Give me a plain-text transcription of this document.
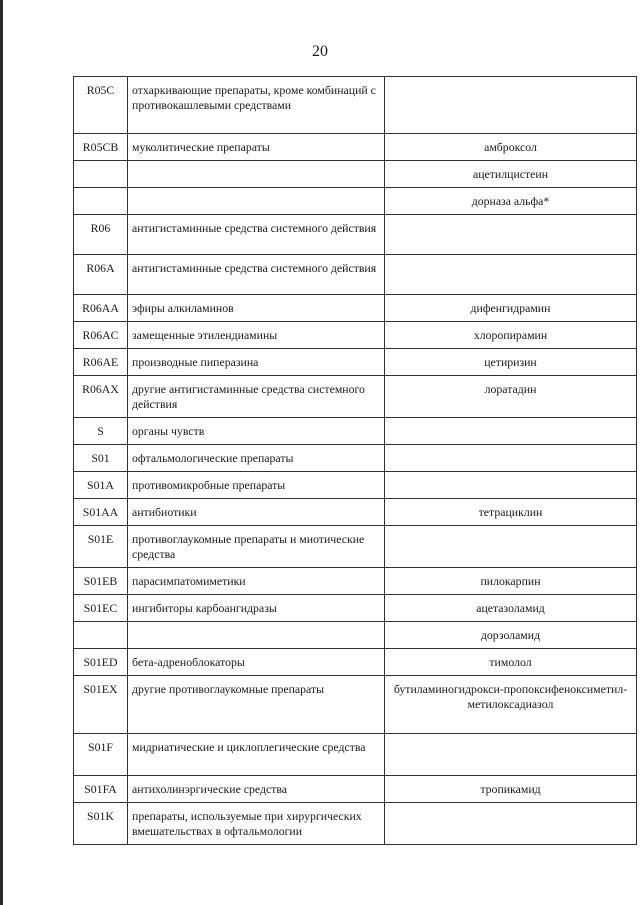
20
R05C	отхаркивающие препараты, кроме комбинаций с противокашлевыми средствами	
R05CB	муколитические препараты	амброксол
		ацетилцистеин
		дорназа альфа*
R06	антигистаминные средства системного действия	
R06A	антигистаминные средства системного действия	
R06AA	эфиры алкиламинов	дифенгидрамин
R06AC	замещенные этилендиамины	хлоропирамин
R06AE	производные пиперазина	цетиризин
R06AX	другие антигистаминные средства системного действия	лоратадин
S	органы чувств	
S01	офтальмологические препараты	
S01A	противомикробные препараты	
S01AA	антибиотики	тетрациклин
S01E	противоглаукомные препараты и миотические средства	
S01EB	парасимпатомиметики	пилокарпин
S01EC	ингибиторы карбоангидразы	ацетазоламид
		дорзоламид
S01ED	бета-адреноблокаторы	тимолол
S01EX	другие противоглаукомные препараты	бутиламиногидрокси-пропоксифеноксиметил-метилоксадиазол
S01F	мидриатические и циклоплегические средства	
S01FA	антихолинэргические средства	тропикамид
S01K	препараты, используемые при хирургических вмешательствах в офтальмологии	
